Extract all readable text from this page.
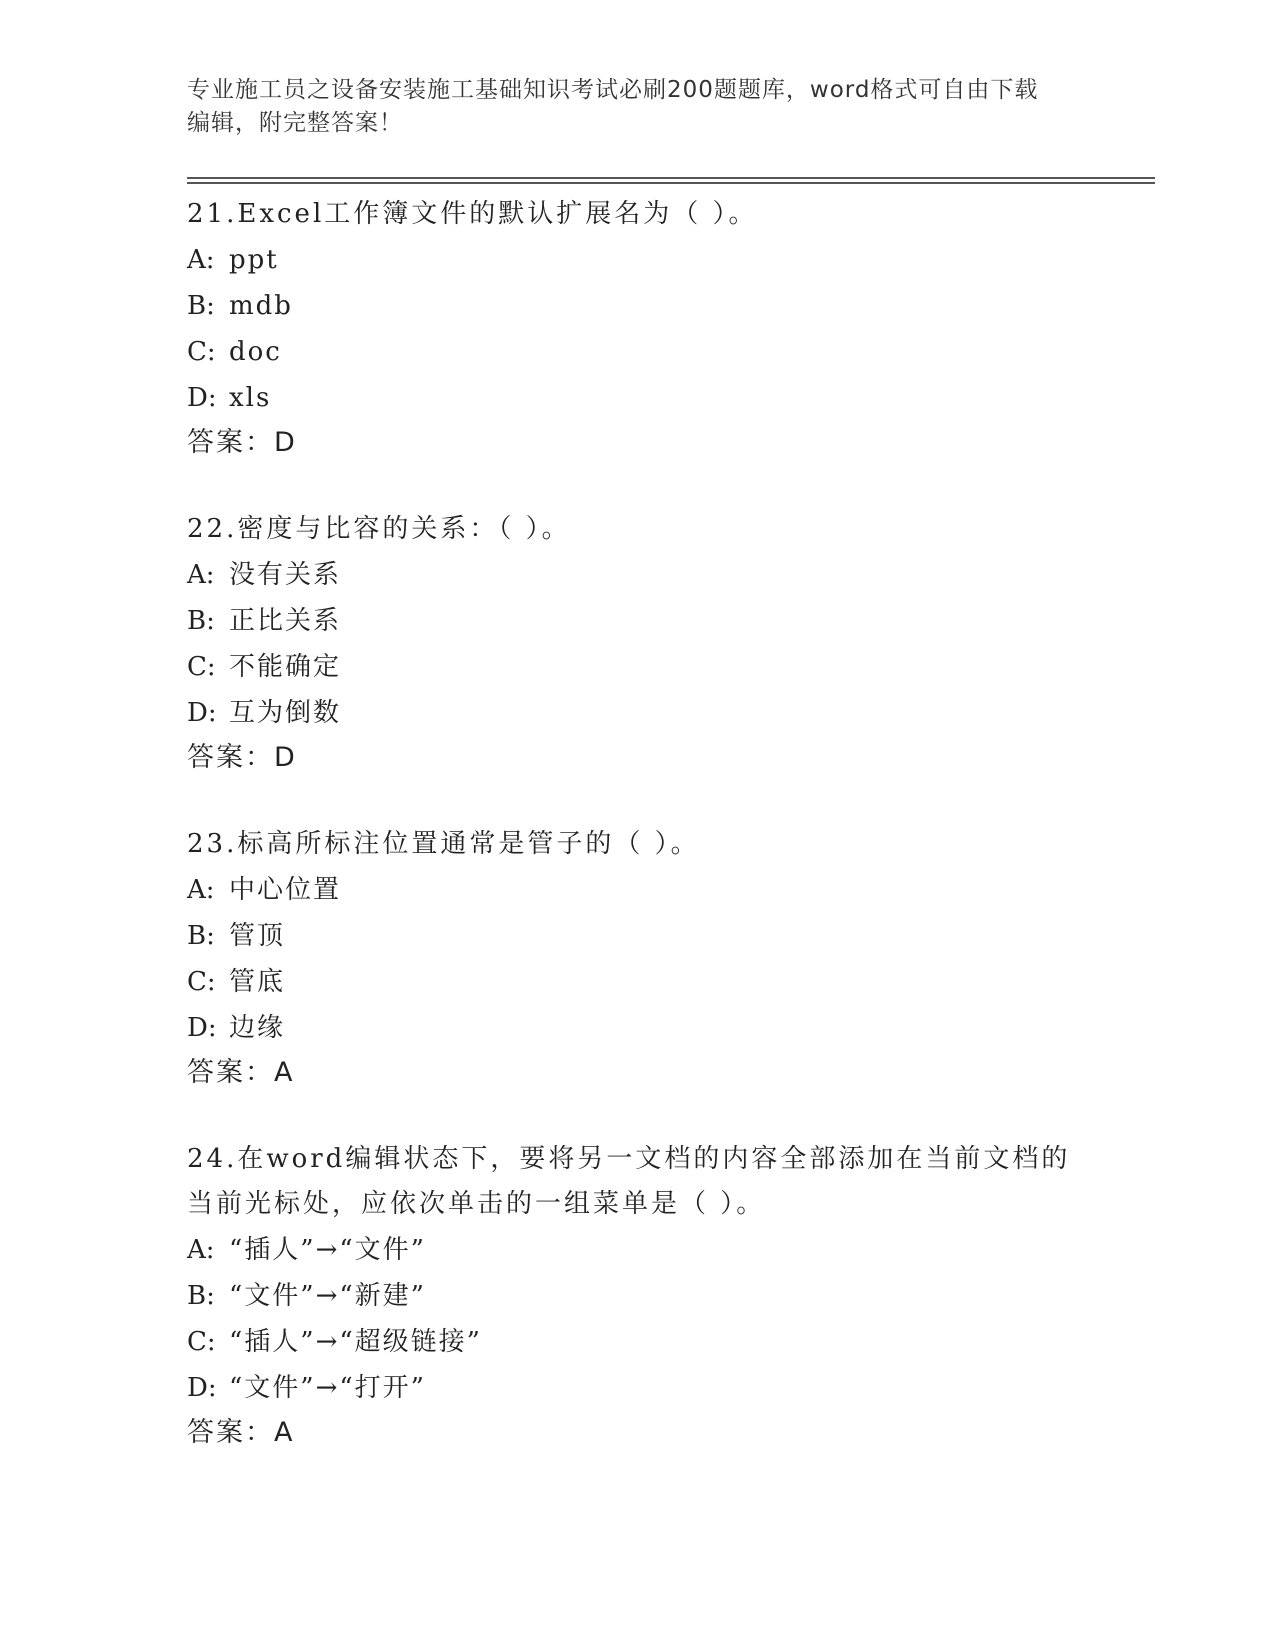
专业施工员之设备安装施工基础知识考试必刷200题题库，word格式可自由下载
编辑，附完整答案！
21.Excel工作簿文件的默认扩展名为（ ）。
A: ppt
B: mdb
C: doc
D: xls
答案：D
22.密度与比容的关系：（ ）。
A: 没有关系
B: 正比关系
C: 不能确定
D: 互为倒数
答案：D
23.标高所标注位置通常是管子的（ ）。
A: 中心位置
B: 管顶
C: 管底
D: 边缘
答案：A
24.在word编辑状态下，要将另一文档的内容全部添加在当前文档的
当前光标处，应依次单击的一组菜单是（ ）。
A: “插人”→“文件”
B: “文件”→“新建”
C: “插人”→“超级链接”
D: “文件”→“打开”
答案：A
